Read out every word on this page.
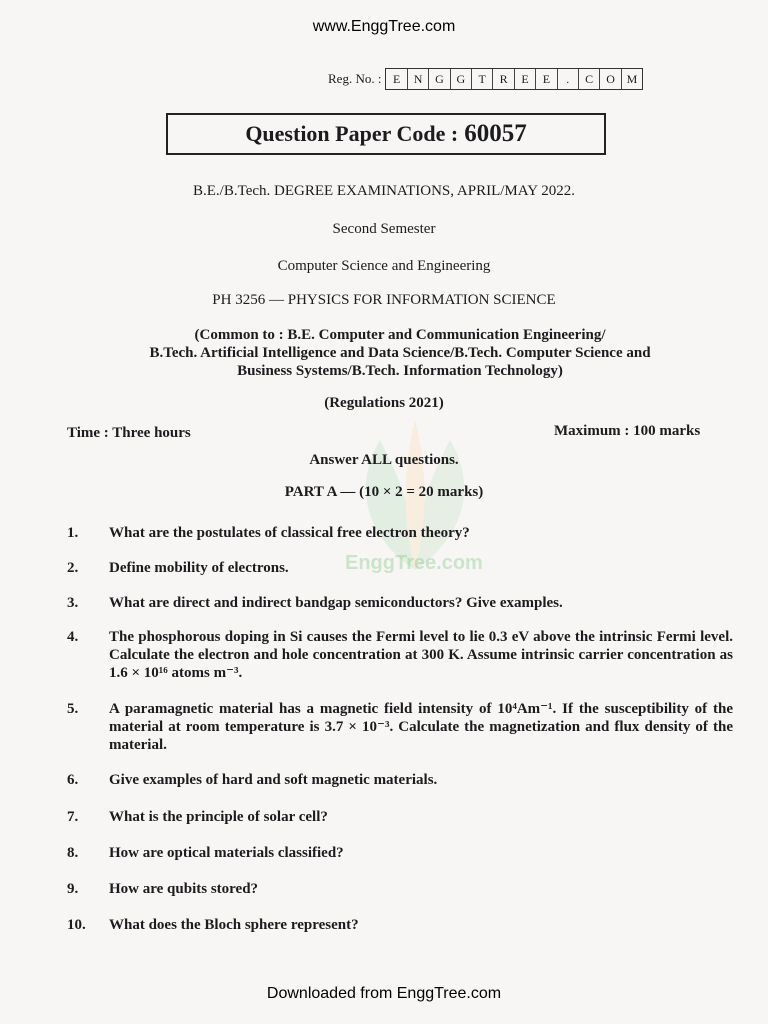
www.EnggTree.com
EnggTree.com
Reg. No. : E	N	G	G	T	R	E	E	.	C	O M
Question Paper Code : 60057
B.E./B.Tech. DEGREE EXAMINATIONS, APRIL/MAY 2022.
Second Semester
Computer Science and Engineering
PH 3256 — PHYSICS FOR INFORMATION SCIENCE
(Common to : B.E. Computer and Communication Engineering/
B.Tech. Artificial Intelligence and Data Science/B.Tech. Computer Science and
Business Systems/B.Tech. Information Technology)
(Regulations 2021)
Time : Three hours	Maximum : 100 marks
Answer ALL questions.
PART A — (10 × 2 = 20 marks)
1.	What are the postulates of classical free electron theory?
2.	Define mobility of electrons.
3.	What are direct and indirect bandgap semiconductors? Give examples.
4.	The phosphorous doping in Si causes the Fermi level to lie 0.3 eV above the intrinsic Fermi level. Calculate the electron and hole concentration at 300 K. Assume intrinsic carrier concentration as 1.6 × 10¹⁶ atoms m⁻³.
5.	A paramagnetic material has a magnetic field intensity of 10⁴Am⁻¹. If the susceptibility of the material at room temperature is 3.7 × 10⁻³. Calculate the magnetization and flux density of the material.
6.	Give examples of hard and soft magnetic materials.
7.	What is the principle of solar cell?
8.	How are optical materials classified?
9.	How are qubits stored?
10.	What does the Bloch sphere represent?
Downloaded from EnggTree.com
